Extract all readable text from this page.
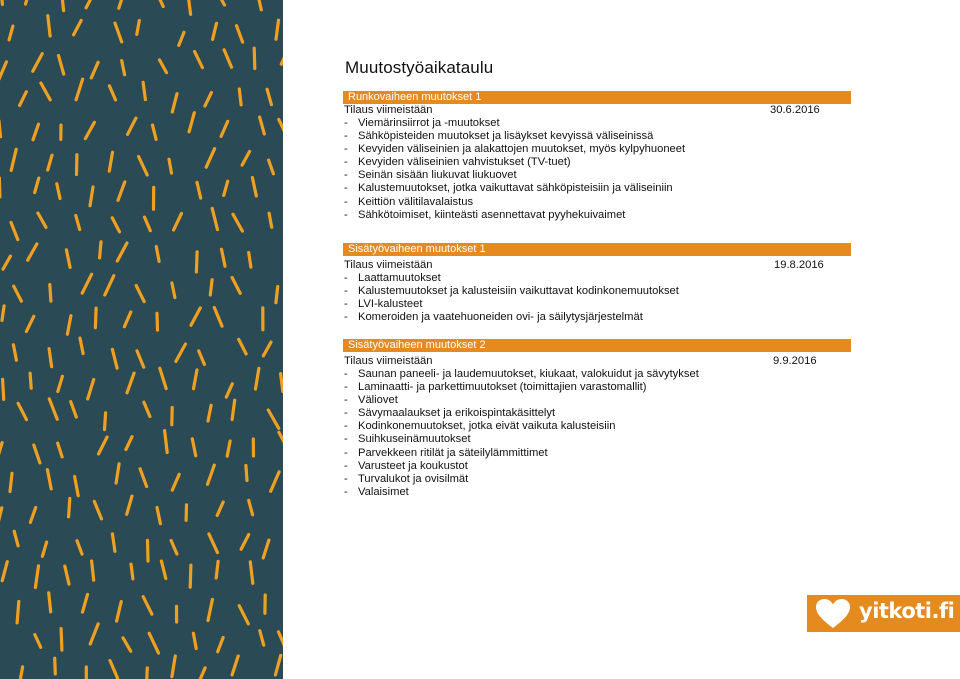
Muutostyöaikataulu
Runkovaiheen muutokset 1
Tilaus viimeistään	30.6.2016
- Viemärinsiirrot ja -muutokset
- Sähköpisteiden muutokset ja lisäykset kevyissä väliseinissä
- Kevyiden väliseinien ja alakattojen muutokset, myös kylpyhuoneet
- Kevyiden väliseinien vahvistukset (TV-tuet)
- Seinän sisään liukuvat liukuovet
- Kalustemuutokset, jotka vaikuttavat sähköpisteisiin ja väliseiniin
- Keittiön välitilavalaistus
- Sähkötoimiset, kiinteästi asennettavat pyyhekuivaimet
Sisätyövaiheen muutokset 1
Tilaus viimeistään	19.8.2016
- Laattamuutokset
- Kalustemuutokset ja kalusteisiin vaikuttavat kodinkonemuutokset
- LVI-kalusteet
- Komeroiden ja vaatehuoneiden ovi- ja säilytysjärjestelmät
Sisätyövaiheen muutokset 2
Tilaus viimeistään	9.9.2016
- Saunan paneeli- ja laudemuutokset, kiukaat, valokuidut ja sävytykset
- Laminaatti- ja parkettimuutokset (toimittajien varastomallit)
- Väliovet
- Sävymaalaukset ja erikoispintakäsittelyt
- Kodinkonemuutokset, jotka eivät vaikuta kalusteisiin
- Suihkuseinämuutokset
- Parvekkeen ritilät ja säteilylämmittimet
- Varusteet ja koukustot
- Turvalukot ja ovisilmät
- Valaisimet
yitkoti.fi
